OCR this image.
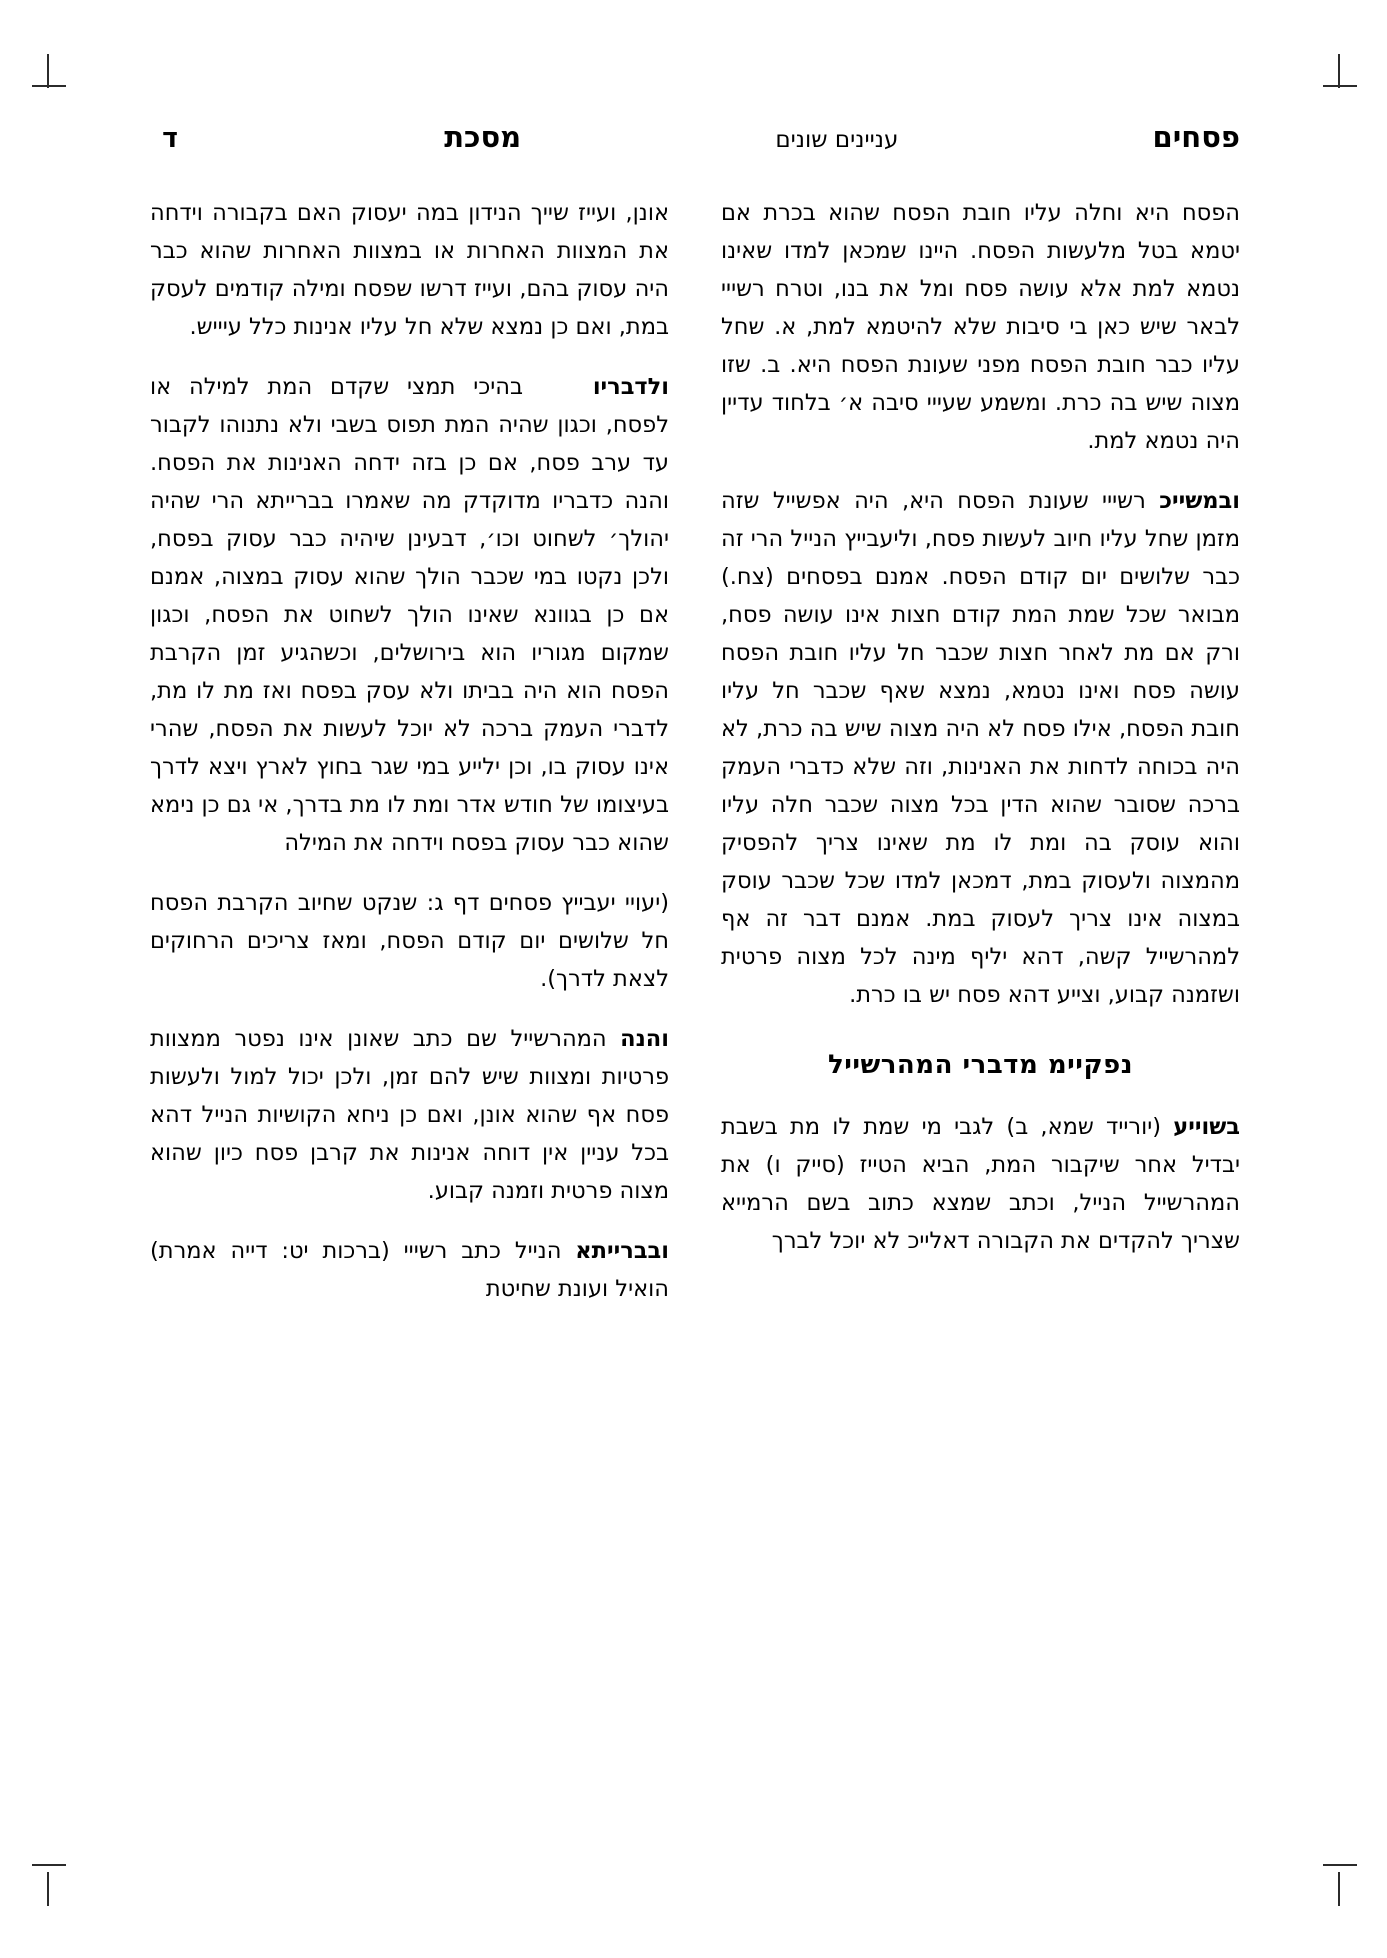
ד	מסכת	עניינים שונים	פסחים

אונן, ועייז שייך הנידון במה יעסוק האם בקבורה וידחה את המצוות האחרות או במצוות האחרות שהוא כבר היה עסוק בהם, ועייז דרשו שפסח ומילה קודמים לעסק במת, ואם כן נמצא שלא חל עליו אנינות כלל עיייש.

ולדבריו בהיכי תמצי שקדם המת למילה או לפסח, וכגון שהיה המת תפוס בשבי ולא נתנוהו לקבור עד ערב פסח, אם כן בזה ידחה האנינות את הפסח. והנה כדבריו מדוקדק מה שאמרו בברייתא הרי שהיה יהולך׳ לשחוט וכו׳, דבעינן שיהיה כבר עסוק בפסח, ולכן נקטו במי שכבר הולך שהוא עסוק במצוה, אמנם אם כן בגוונא שאינו הולך לשחוט את הפסח, וכגון שמקום מגוריו הוא בירושלים, וכשהגיע זמן הקרבת הפסח הוא היה בביתו ולא עסק בפסח ואז מת לו מת, לדברי העמק ברכה לא יוכל לעשות את הפסח, שהרי אינו עסוק בו, וכן ילייע במי שגר בחוץ לארץ ויצא לדרך בעיצומו של חודש אדר ומת לו מת בדרך, אי גם כן נימא שהוא כבר עסוק בפסח וידחה את המילה

(יעויי יעבייץ פסחים דף ג: שנקט שחיוב הקרבת הפסח חל שלושים יום קודם הפסח, ומאז צריכים הרחוקים לצאת לדרך).

והנה המהרשייל שם כתב שאונן אינו נפטר ממצוות פרטיות ומצוות שיש להם זמן, ולכן יכול למול ולעשות פסח אף שהוא אונן, ואם כן ניחא הקושיות הנייל דהא בכל עניין אין דוחה אנינות את קרבן פסח כיון שהוא מצוה פרטית וזמנה קבוע.

ובברייתא הנייל כתב רשייי (ברכות יט: דייה אמרת) הואיל ועונת שחיטת

הפסח היא וחלה עליו חובת הפסח שהוא בכרת אם יטמא בטל מלעשות הפסח. היינו שמכאן למדו שאינו נטמא למת אלא עושה פסח ומל את בנו, וטרח רשייי לבאר שיש כאן בי סיבות שלא להיטמא למת, א. שחל עליו כבר חובת הפסח מפני שעונת הפסח היא. ב. שזו מצוה שיש בה כרת. ומשמע שעייי סיבה א׳ בלחוד עדיין היה נטמא למת.

ובמשייכ רשייי שעונת הפסח היא, היה אפשייל שזה מזמן שחל עליו חיוב לעשות פסח, וליעבייץ הנייל הרי זה כבר שלושים יום קודם הפסח. אמנם בפסחים (צח.) מבואר שכל שמת המת קודם חצות אינו עושה פסח, ורק אם מת לאחר חצות שכבר חל עליו חובת הפסח עושה פסח ואינו נטמא, נמצא שאף שכבר חל עליו חובת הפסח, אילו פסח לא היה מצוה שיש בה כרת, לא היה בכוחה לדחות את האנינות, וזה שלא כדברי העמק ברכה שסובר שהוא הדין בכל מצוה שכבר חלה עליו והוא עוסק בה ומת לו מת שאינו צריך להפסיק מהמצוה ולעסוק במת, דמכאן למדו שכל שכבר עוסק במצוה אינו צריך לעסוק במת. אמנם דבר זה אף למהרשייל קשה, דהא יליף מינה לכל מצוה פרטית ושזמנה קבוע, וצייע דהא פסח יש בו כרת.

נפקיימ מדברי המהרשייל

בשוייע (יורייד שמא, ב) לגבי מי שמת לו מת בשבת יבדיל אחר שיקבור המת, הביא הטייז (סייק ו) את המהרשייל הנייל, וכתב שמצא כתוב בשם הרמייא שצריך להקדים את הקבורה דאלייכ לא יוכל לברך
